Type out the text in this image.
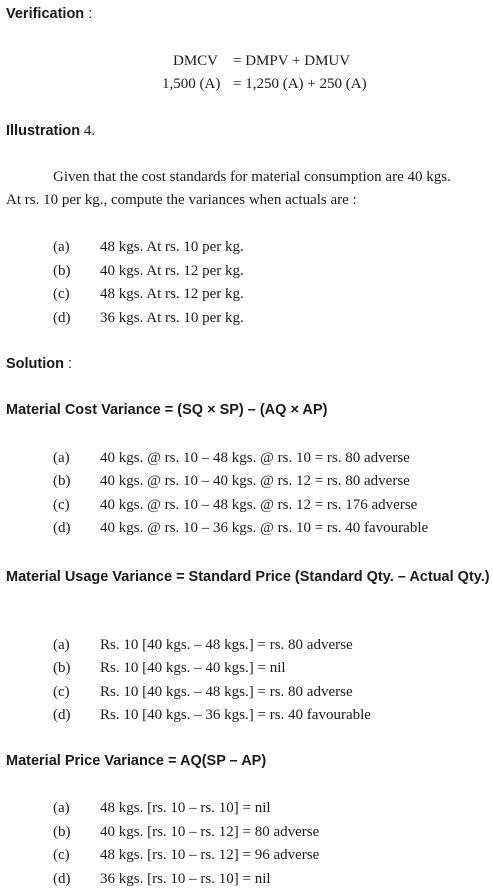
Verification :
DMCV = DMPV + DMUV
1,500 (A) = 1,250 (A) + 250 (A)
Illustration 4.
Given that the cost standards for material consumption are 40 kgs.
At rs. 10 per kg., compute the variances when actuals are :
(a) 48 kgs. At rs. 10 per kg.
(b) 40 kgs. At rs. 12 per kg.
(c) 48 kgs. At rs. 12 per kg.
(d) 36 kgs. At rs. 10 per kg.
Solution :
Material Cost Variance = (SQ × SP) – (AQ × AP)
(a) 40 kgs. @ rs. 10 – 48 kgs. @ rs. 10 = rs. 80 adverse
(b) 40 kgs. @ rs. 10 – 40 kgs. @ rs. 12 = rs. 80 adverse
(c) 40 kgs. @ rs. 10 – 48 kgs. @ rs. 12 = rs. 176 adverse
(d) 40 kgs. @ rs. 10 – 36 kgs. @ rs. 10 = rs. 40 favourable
Material Usage Variance = Standard Price (Standard Qty. – Actual Qty.)
(a) Rs. 10 [40 kgs. – 48 kgs.] = rs. 80 adverse
(b) Rs. 10 [40 kgs. – 40 kgs.] = nil
(c) Rs. 10 [40 kgs. – 48 kgs.] = rs. 80 adverse
(d) Rs. 10 [40 kgs. – 36 kgs.] = rs. 40 favourable
Material Price Variance = AQ(SP – AP)
(a) 48 kgs. [rs. 10 – rs. 10] = nil
(b) 40 kgs. [rs. 10 – rs. 12] = 80 adverse
(c) 48 kgs. [rs. 10 – rs. 12] = 96 adverse
(d) 36 kgs. [rs. 10 – rs. 10] = nil
